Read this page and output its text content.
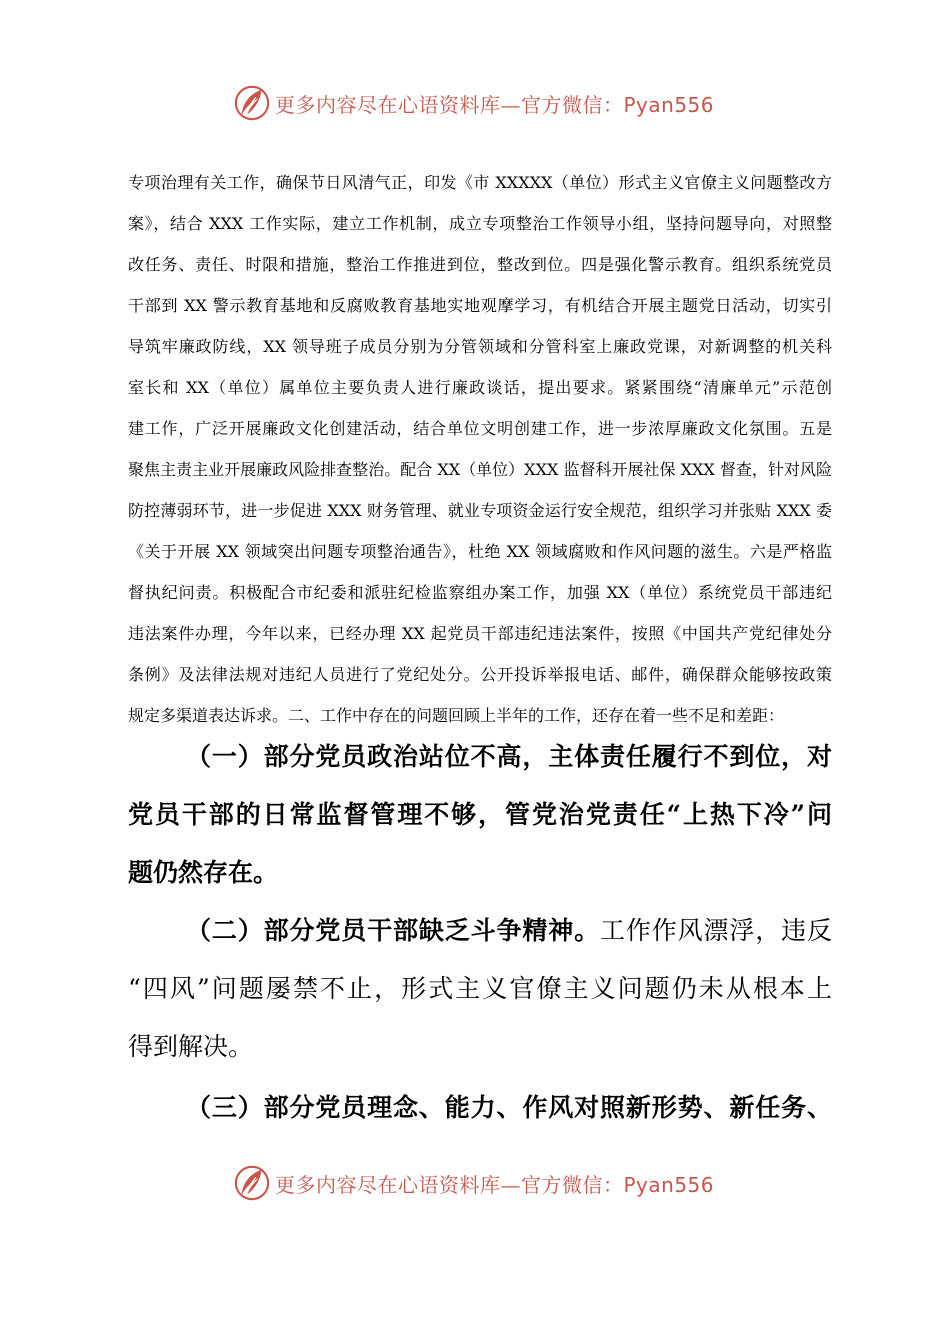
更多内容尽在心语资料库—官方微信：Pyan556
专项治理有关工作，确保节日风清气正，印发《市 XXXXX（单位）形式主义官僚主义问题整改方
案》，结合 XXX 工作实际，建立工作机制，成立专项整治工作领导小组，坚持问题导向，对照整
改任务、责任、时限和措施，整治工作推进到位，整改到位。四是强化警示教育。组织系统党员
干部到 XX 警示教育基地和反腐败教育基地实地观摩学习，有机结合开展主题党日活动，切实引
导筑牢廉政防线，XX 领导班子成员分别为分管领域和分管科室上廉政党课，对新调整的机关科
室长和 XX（单位）属单位主要负责人进行廉政谈话，提出要求。紧紧围绕“清廉单元”示范创
建工作，广泛开展廉政文化创建活动，结合单位文明创建工作，进一步浓厚廉政文化氛围。五是
聚焦主责主业开展廉政风险排查整治。配合 XX（单位）XXX 监督科开展社保 XXX 督查，针对风险
防控薄弱环节，进一步促进 XXX 财务管理、就业专项资金运行安全规范，组织学习并张贴 XXX 委
《关于开展 XX 领域突出问题专项整治通告》，杜绝 XX 领域腐败和作风问题的滋生。六是严格监
督执纪问责。积极配合市纪委和派驻纪检监察组办案工作，加强 XX（单位）系统党员干部违纪
违法案件办理，今年以来，已经办理 XX 起党员干部违纪违法案件，按照《中国共产党纪律处分
条例》及法律法规对违纪人员进行了党纪处分。公开投诉举报电话、邮件，确保群众能够按政策
规定多渠道表达诉求。二、工作中存在的问题回顾上半年的工作，还存在着一些不足和差距：
（一）部分党员政治站位不高，主体责任履行不到位，对
党员干部的日常监督管理不够，管党治党责任“上热下冷”问
题仍然存在。
（二）部分党员干部缺乏斗争精神。工作作风漂浮，违反
“四风”问题屡禁不止，形式主义官僚主义问题仍未从根本上
得到解决。
（三）部分党员理念、能力、作风对照新形势、新任务、
更多内容尽在心语资料库—官方微信：Pyan556
